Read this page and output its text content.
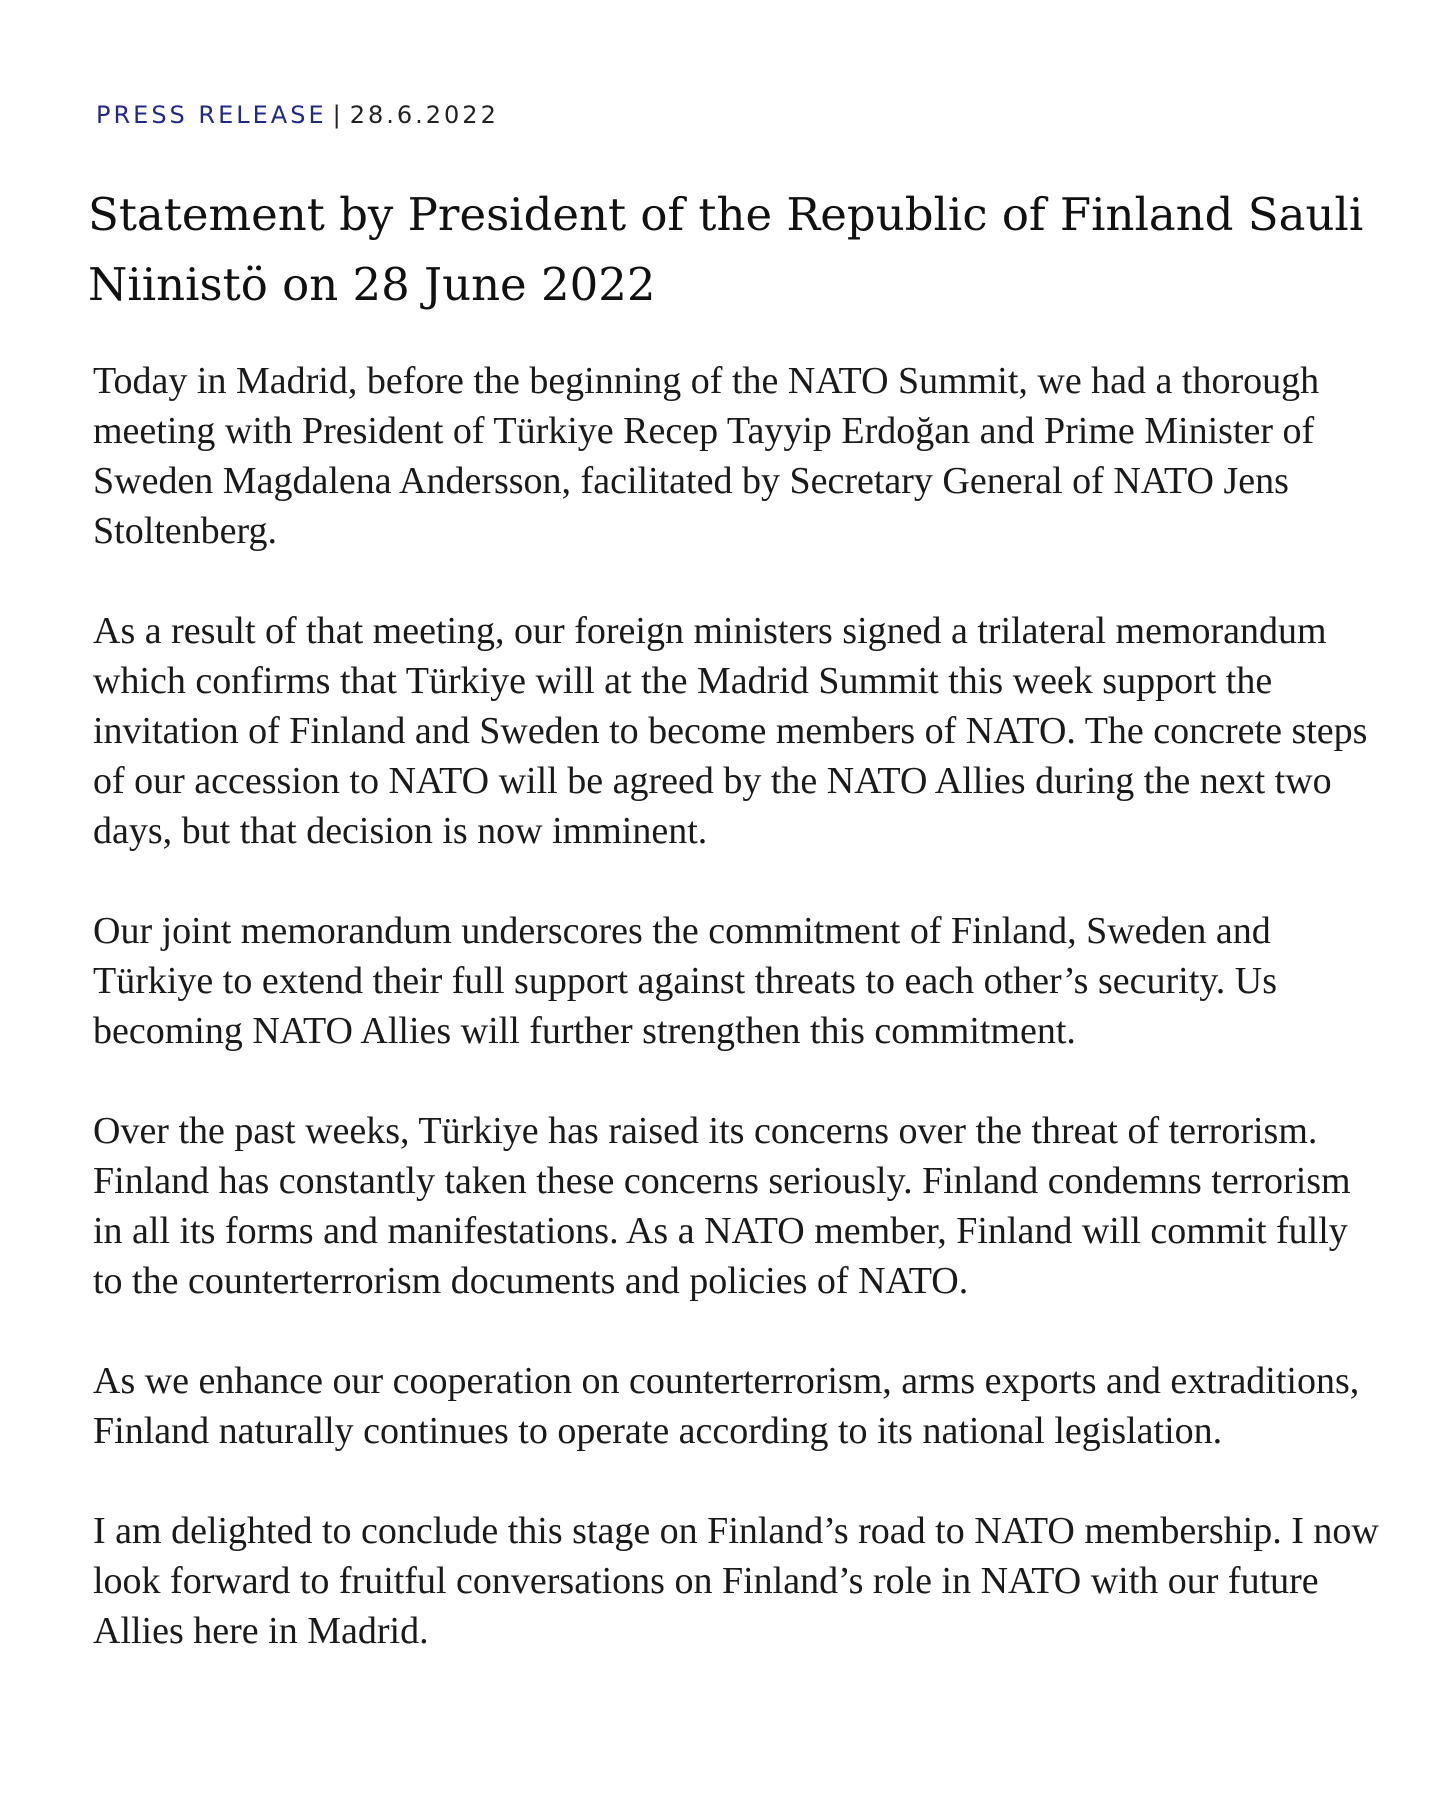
PRESS RELEASE | 28.6.2022
Statement by President of the Republic of Finland Sauli Niinistö on 28 June 2022

Today in Madrid, before the beginning of the NATO Summit, we had a thorough meeting with President of Türkiye Recep Tayyip Erdoğan and Prime Minister of Sweden Magdalena Andersson, facilitated by Secretary General of NATO Jens Stoltenberg.

As a result of that meeting, our foreign ministers signed a trilateral memorandum which confirms that Türkiye will at the Madrid Summit this week support the invitation of Finland and Sweden to become members of NATO. The concrete steps of our accession to NATO will be agreed by the NATO Allies during the next two days, but that decision is now imminent.

Our joint memorandum underscores the commitment of Finland, Sweden and Türkiye to extend their full support against threats to each other’s security. Us becoming NATO Allies will further strengthen this commitment.

Over the past weeks, Türkiye has raised its concerns over the threat of terrorism. Finland has constantly taken these concerns seriously. Finland condemns terrorism in all its forms and manifestations. As a NATO member, Finland will commit fully to the counterterrorism documents and policies of NATO.

As we enhance our cooperation on counterterrorism, arms exports and extraditions, Finland naturally continues to operate according to its national legislation.

I am delighted to conclude this stage on Finland’s road to NATO membership. I now look forward to fruitful conversations on Finland’s role in NATO with our future Allies here in Madrid.
